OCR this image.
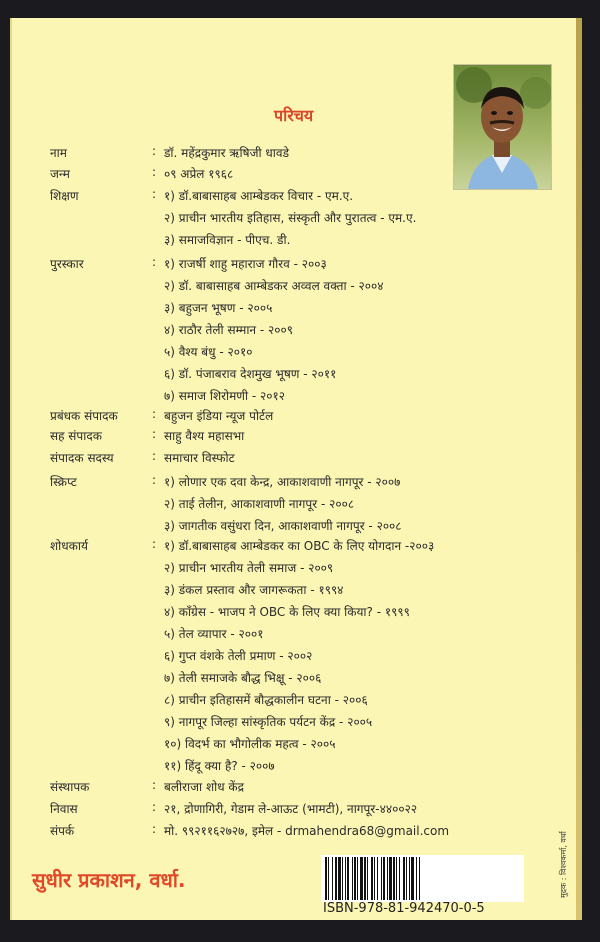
परिचय
नाम	: डॉ. महेंद्रकुमार ऋषिजी धावडे
जन्म	: ०९ अप्रेल १९६८
शिक्षण	: १) डॉ.बाबासाहब आम्बेडकर विचार - एम.ए.
२) प्राचीन भारतीय इतिहास, संस्कृती और पुरातत्व - एम.ए.
३) समाजविज्ञान - पीएच. डी.
पुरस्कार	: १) राजर्षी शाहु महाराज गौरव - २००३
२) डॉ. बाबासाहब आम्बेडकर अव्वल वक्ता - २००४
३) बहुजन भूषण - २००५
४) राठौर तेली सम्मान - २००९
५) वैश्य बंधु - २०१०
६) डॉ. पंजाबराव देशमुख भूषण - २०११
७) समाज शिरोमणी - २०१२
प्रबंधक संपादक	: बहुजन इंडिया न्यूज पोर्टल
सह संपादक	: साहु वैश्य महासभा
संपादक सदस्य	: समाचार विस्फोट
स्क्रिप्ट	: १) लोणार एक दवा केन्द्र, आकाशवाणी नागपूर - २००७
२) ताई तेलीन, आकाशवाणी नागपूर - २००८
३) जागतीक वसुंधरा दिन, आकाशवाणी नागपूर - २००८
शोधकार्य	: १) डॉ.बाबासाहब आम्बेडकर का OBC के लिए योगदान -२००३
२) प्राचीन भारतीय तेली समाज - २००९
३) डंकल प्रस्ताव और जागरूकता - १९९४
४) कॉंग्रेस - भाजप ने OBC के लिए क्या किया? - १९९९
५) तेल व्यापार - २००१
६) गुप्त वंशके तेली प्रमाण - २००२
७) तेली समाजके बौद्ध भिक्षू - २००६
८) प्राचीन इतिहासमें बौद्धकालीन घटना - २००६
९) नागपूर जिल्हा सांस्कृतिक पर्यटन केंद्र - २००५
१०) विदर्भ का भौगोलीक महत्व - २००५
११) हिंदू क्या है? - २००७
संस्थापक	: बलीराजा शोध केंद्र
निवास	: २१, द्रोणागिरी, गेडाम ले-आऊट (भामटी), नागपूर-४४००२२
संपर्क	: मो. ९९२११६२७२७, इमेल - drmahendra68@gmail.com
सुधीर प्रकाशन, वर्धा.
ISBN-978-81-942470-0-5
मुद्रक : विश्वकर्मा, वर्धा
